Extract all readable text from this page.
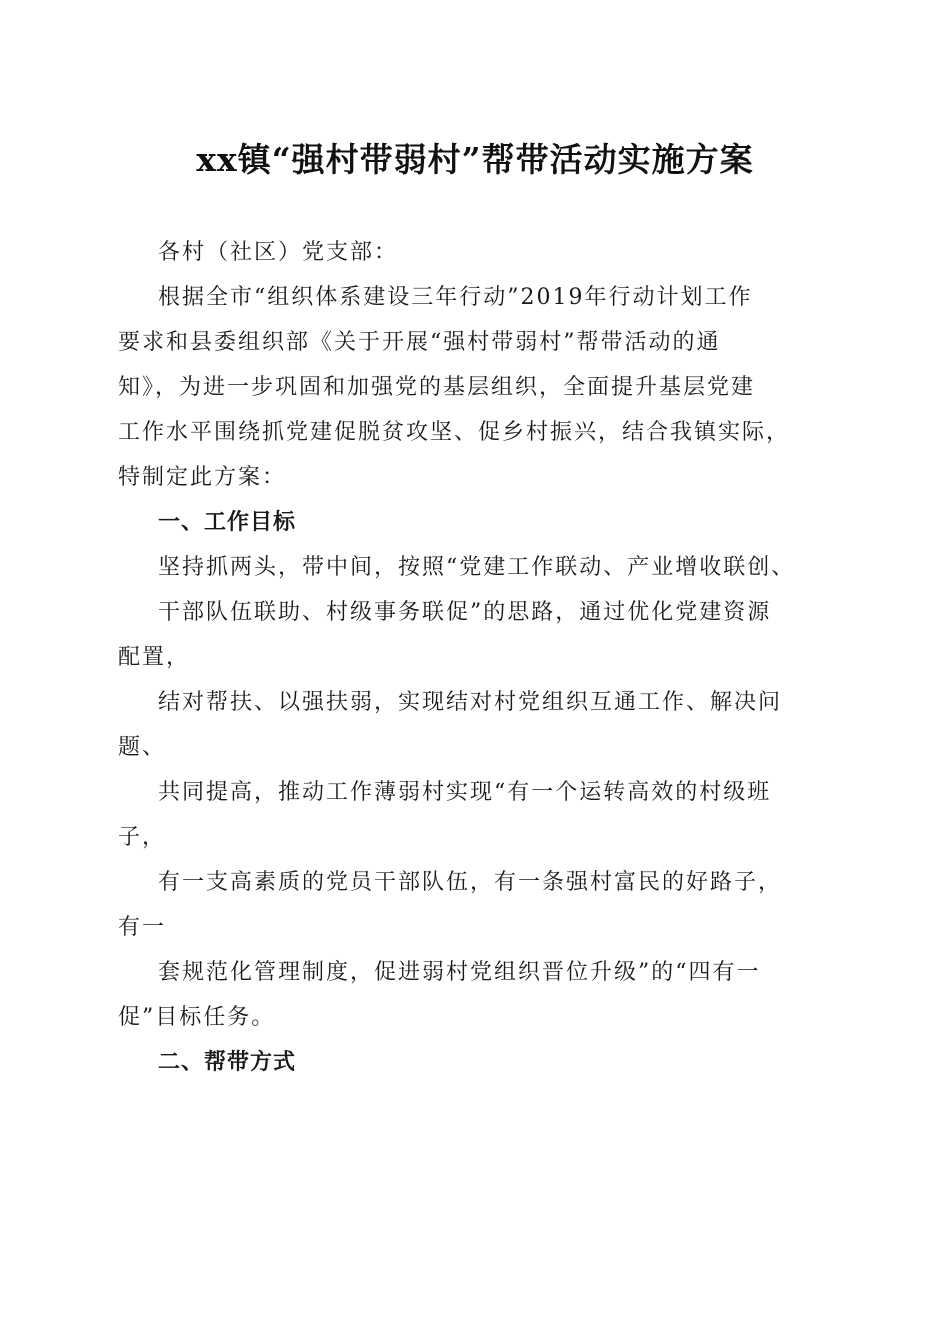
xx镇“强村带弱村”帮带活动实施方案
各村（社区）党支部：
根据全市“组织体系建设三年行动”2019年行动计划工作
要求和县委组织部《关于开展“强村带弱村”帮带活动的通
知》，为进一步巩固和加强党的基层组织，全面提升基层党建
工作水平围绕抓党建促脱贫攻坚、促乡村振兴，结合我镇实际，
特制定此方案：
一、工作目标
坚持抓两头，带中间，按照“党建工作联动、产业增收联创、
干部队伍联助、村级事务联促”的思路，通过优化党建资源
配置，
结对帮扶、以强扶弱，实现结对村党组织互通工作、解决问
题、
共同提高，推动工作薄弱村实现“有一个运转高效的村级班
子，
有一支高素质的党员干部队伍，有一条强村富民的好路子，
有一
套规范化管理制度，促进弱村党组织晋位升级”的“四有一
促”目标任务。
二、帮带方式
